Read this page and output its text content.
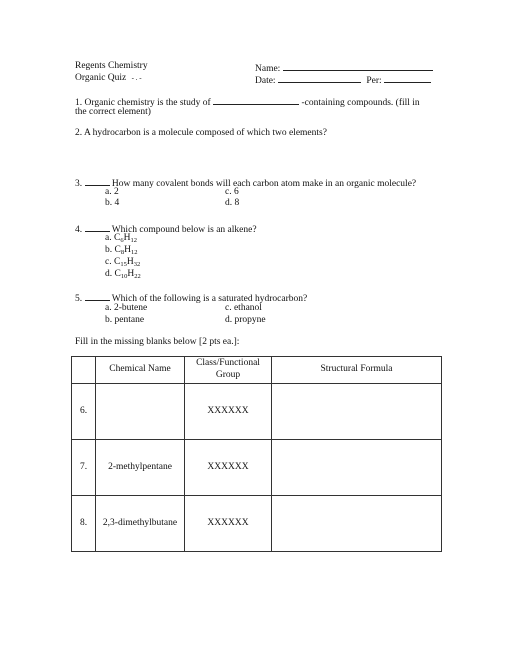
Regents Chemistry
Organic Quiz - . -
Name:
Date:	Per:
1. Organic chemistry is the study of	-containing compounds. (fill in
the correct element)
2. A hydrocarbon is a molecule composed of which two elements?
3.	How many covalent bonds will each carbon atom make in an organic molecule?
a. 2	c. 6
b. 4	d. 8
4.	Which compound below is an alkene?
a. $C_6H_{12}$
b. $C_8H_{12}$
c. $C_{15}H_{32}$
d. $C_{10}H_{22}$
5.	Which of the following is a saturated hydrocarbon?
a. 2-butene	c. ethanol
b. pentane	d. propyne
Fill in the missing blanks below [2 pts ea.]:
	Chemical Name	Class/Functional Group	Structural Formula
6.		XXXXXX	
7.	2-methylpentane	XXXXXX	
8.	2,3-dimethylbutane	XXXXXX	
